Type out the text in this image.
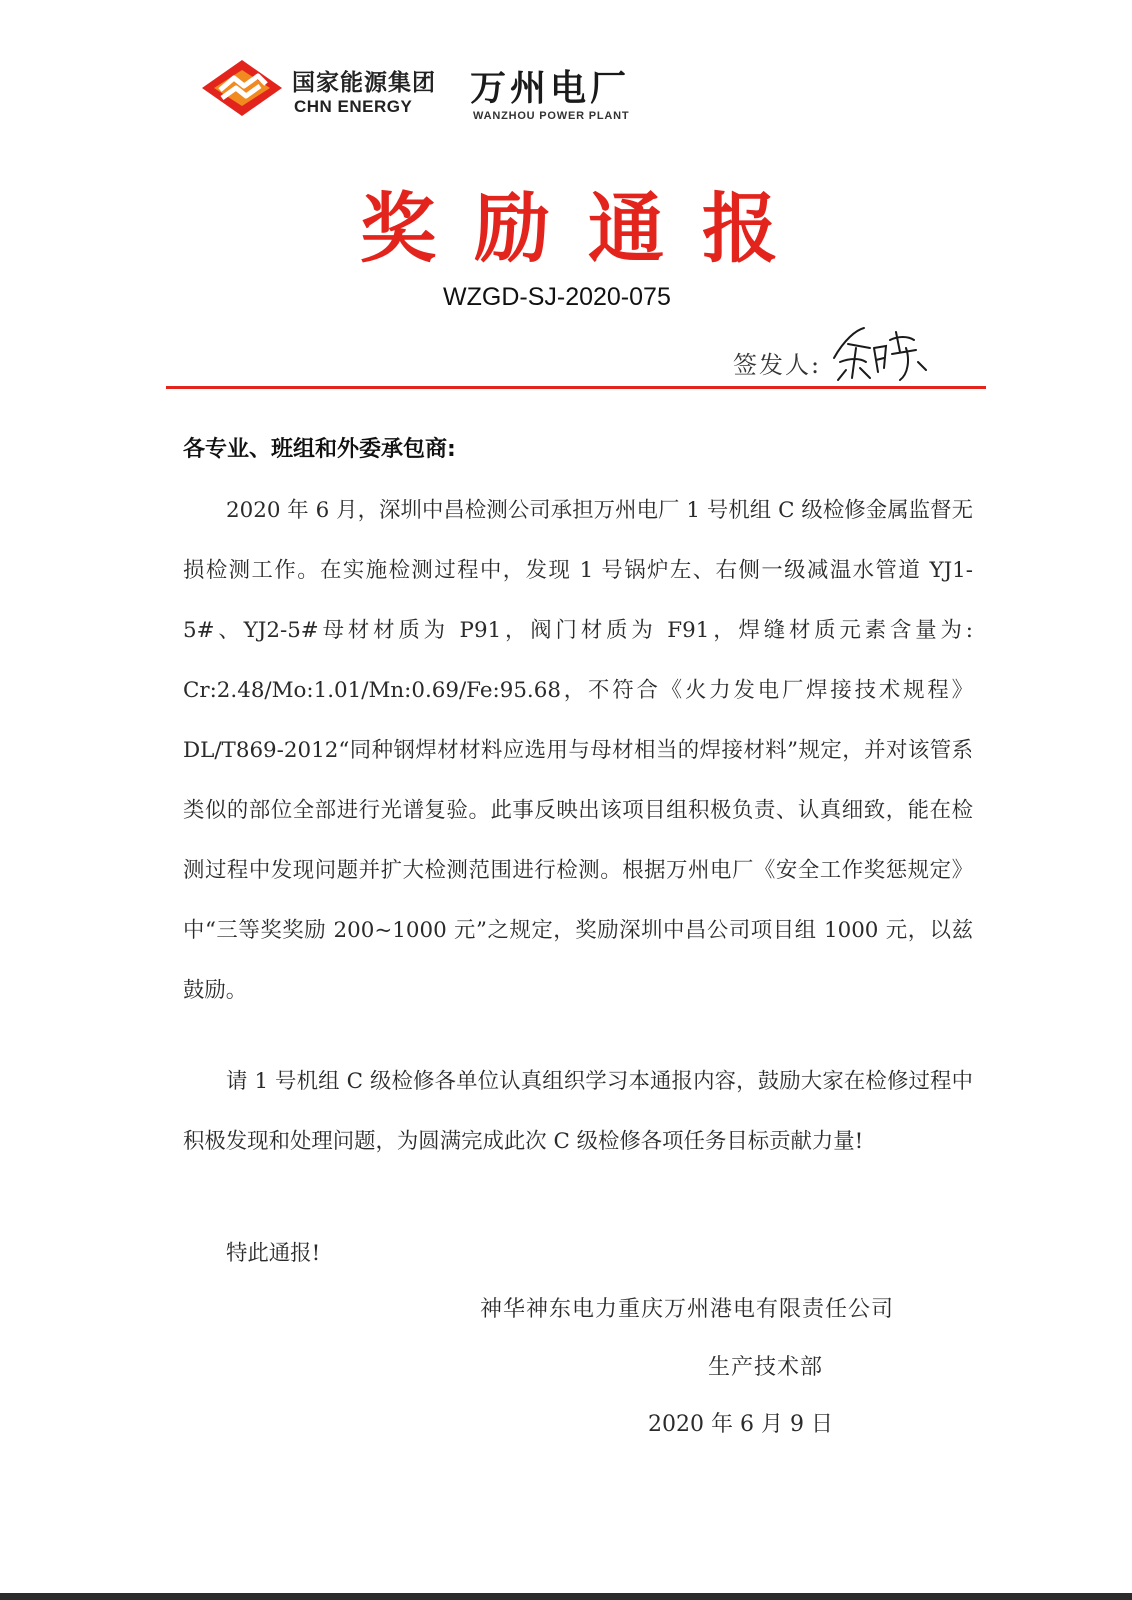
国家能源集团
CHN ENERGY 万州电厂
WANZHOU POWER PLANT
奖励通报
WZGD-SJ-2020-075
签发人:
各专业、班组和外委承包商:

2020 年 6 月，深圳中昌检测公司承担万州电厂 1 号机组 C 级检修金属监督无损检测工作。在实施检测过程中，发现 1 号锅炉左、右侧一级减温水管道 YJ1-5#、YJ2-5#母材材质为 P91，阀门材质为 F91，焊缝材质元素含量为: Cr:2.48/Mo:1.01/Mn:0.69/Fe:95.68，不符合《火力发电厂焊接技术规程》DL/T869-2012“同种钢焊材材料应选用与母材相当的焊接材料”规定，并对该管系类似的部位全部进行光谱复验。此事反映出该项目组积极负责、认真细致，能在检测过程中发现问题并扩大检测范围进行检测。根据万州电厂《安全工作奖惩规定》中“三等奖奖励 200~1000 元”之规定，奖励深圳中昌公司项目组 1000 元，以兹鼓励。

请 1 号机组 C 级检修各单位认真组织学习本通报内容，鼓励大家在检修过程中积极发现和处理问题，为圆满完成此次 C 级检修各项任务目标贡献力量!

特此通报!

神华神东电力重庆万州港电有限责任公司
生产技术部
2020 年 6 月 9 日
